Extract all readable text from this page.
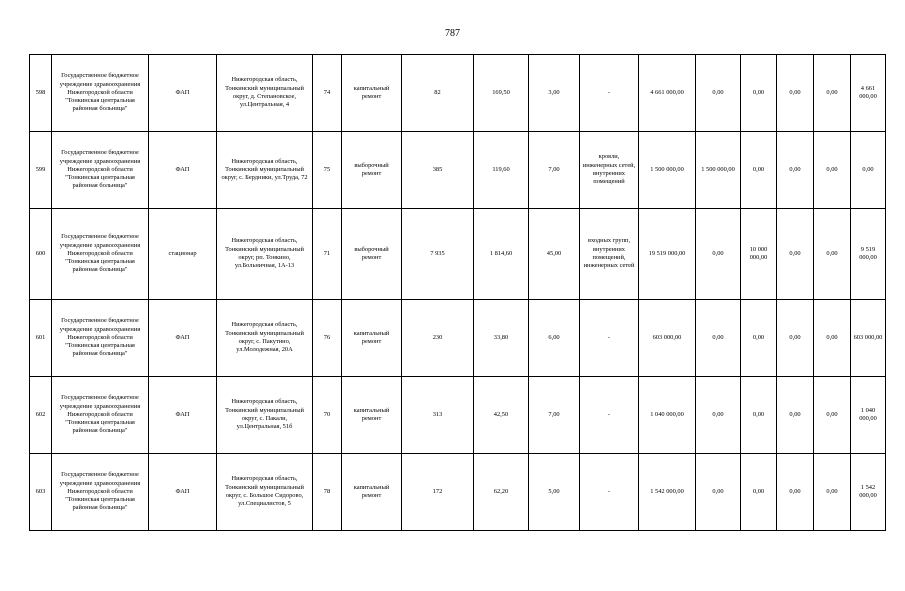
787
598	Государственное бюджетное учреждение здравоохранения Нижегородской области "Тонкинская центральная районная больница"	ФАП	Нижегородская область, Тонкинский муниципальный округ, д. Степановское, ул.Центральная, 4	74	капитальный ремонт	82	169,50	3,00	-	4 661 000,00	0,00	0,00	0,00	0,00	4 661 000,00
599	Государственное бюджетное учреждение здравоохранения Нижегородской области "Тонкинская центральная районная больница"	ФАП	Нижегородская область, Тонкинский муниципальный округ, с. Бердники, ул.Труда, 72	75	выборочный ремонт	385	119,60	7,00	кровли, инженерных сетей, внутренних помещений	1 500 000,00	1 500 000,00	0,00	0,00	0,00	0,00
600	Государственное бюджетное учреждение здравоохранения Нижегородской области "Тонкинская центральная районная больница"	стационар	Нижегородская область, Тонкинский муниципальный округ, рп. Тонкино, ул.Больничная, 1А-13	71	выборочный ремонт	7 935	1 814,60	45,00	входных групп, внутренних помещений, инженерных сетей	19 519 000,00	0,00	10 000 000,00	0,00	0,00	9 519 000,00
601	Государственное бюджетное учреждение здравоохранения Нижегородской области "Тонкинская центральная районная больница"	ФАП	Нижегородская область, Тонкинский муниципальный округ, с. Пакутино, ул.Молодежная, 20А	76	капитальный ремонт	230	33,80	6,00	-	603 000,00	0,00	0,00	0,00	0,00	603 000,00
602	Государственное бюджетное учреждение здравоохранения Нижегородской области "Тонкинская центральная районная больница"	ФАП	Нижегородская область, Тонкинский муниципальный округ, с. Пакали, ул.Центральная, 51б	70	капитальный ремонт	313	42,50	7,00	-	1 040 000,00	0,00	0,00	0,00	0,00	1 040 000,00
603	Государственное бюджетное учреждение здравоохранения Нижегородской области "Тонкинская центральная районная больница"	ФАП	Нижегородская область, Тонкинский муниципальный округ, с. Большое Сидорово, ул.Специалистов, 5	78	капитальный ремонт	172	62,20	5,00	-	1 542 000,00	0,00	0,00	0,00	0,00	1 542 000,00
